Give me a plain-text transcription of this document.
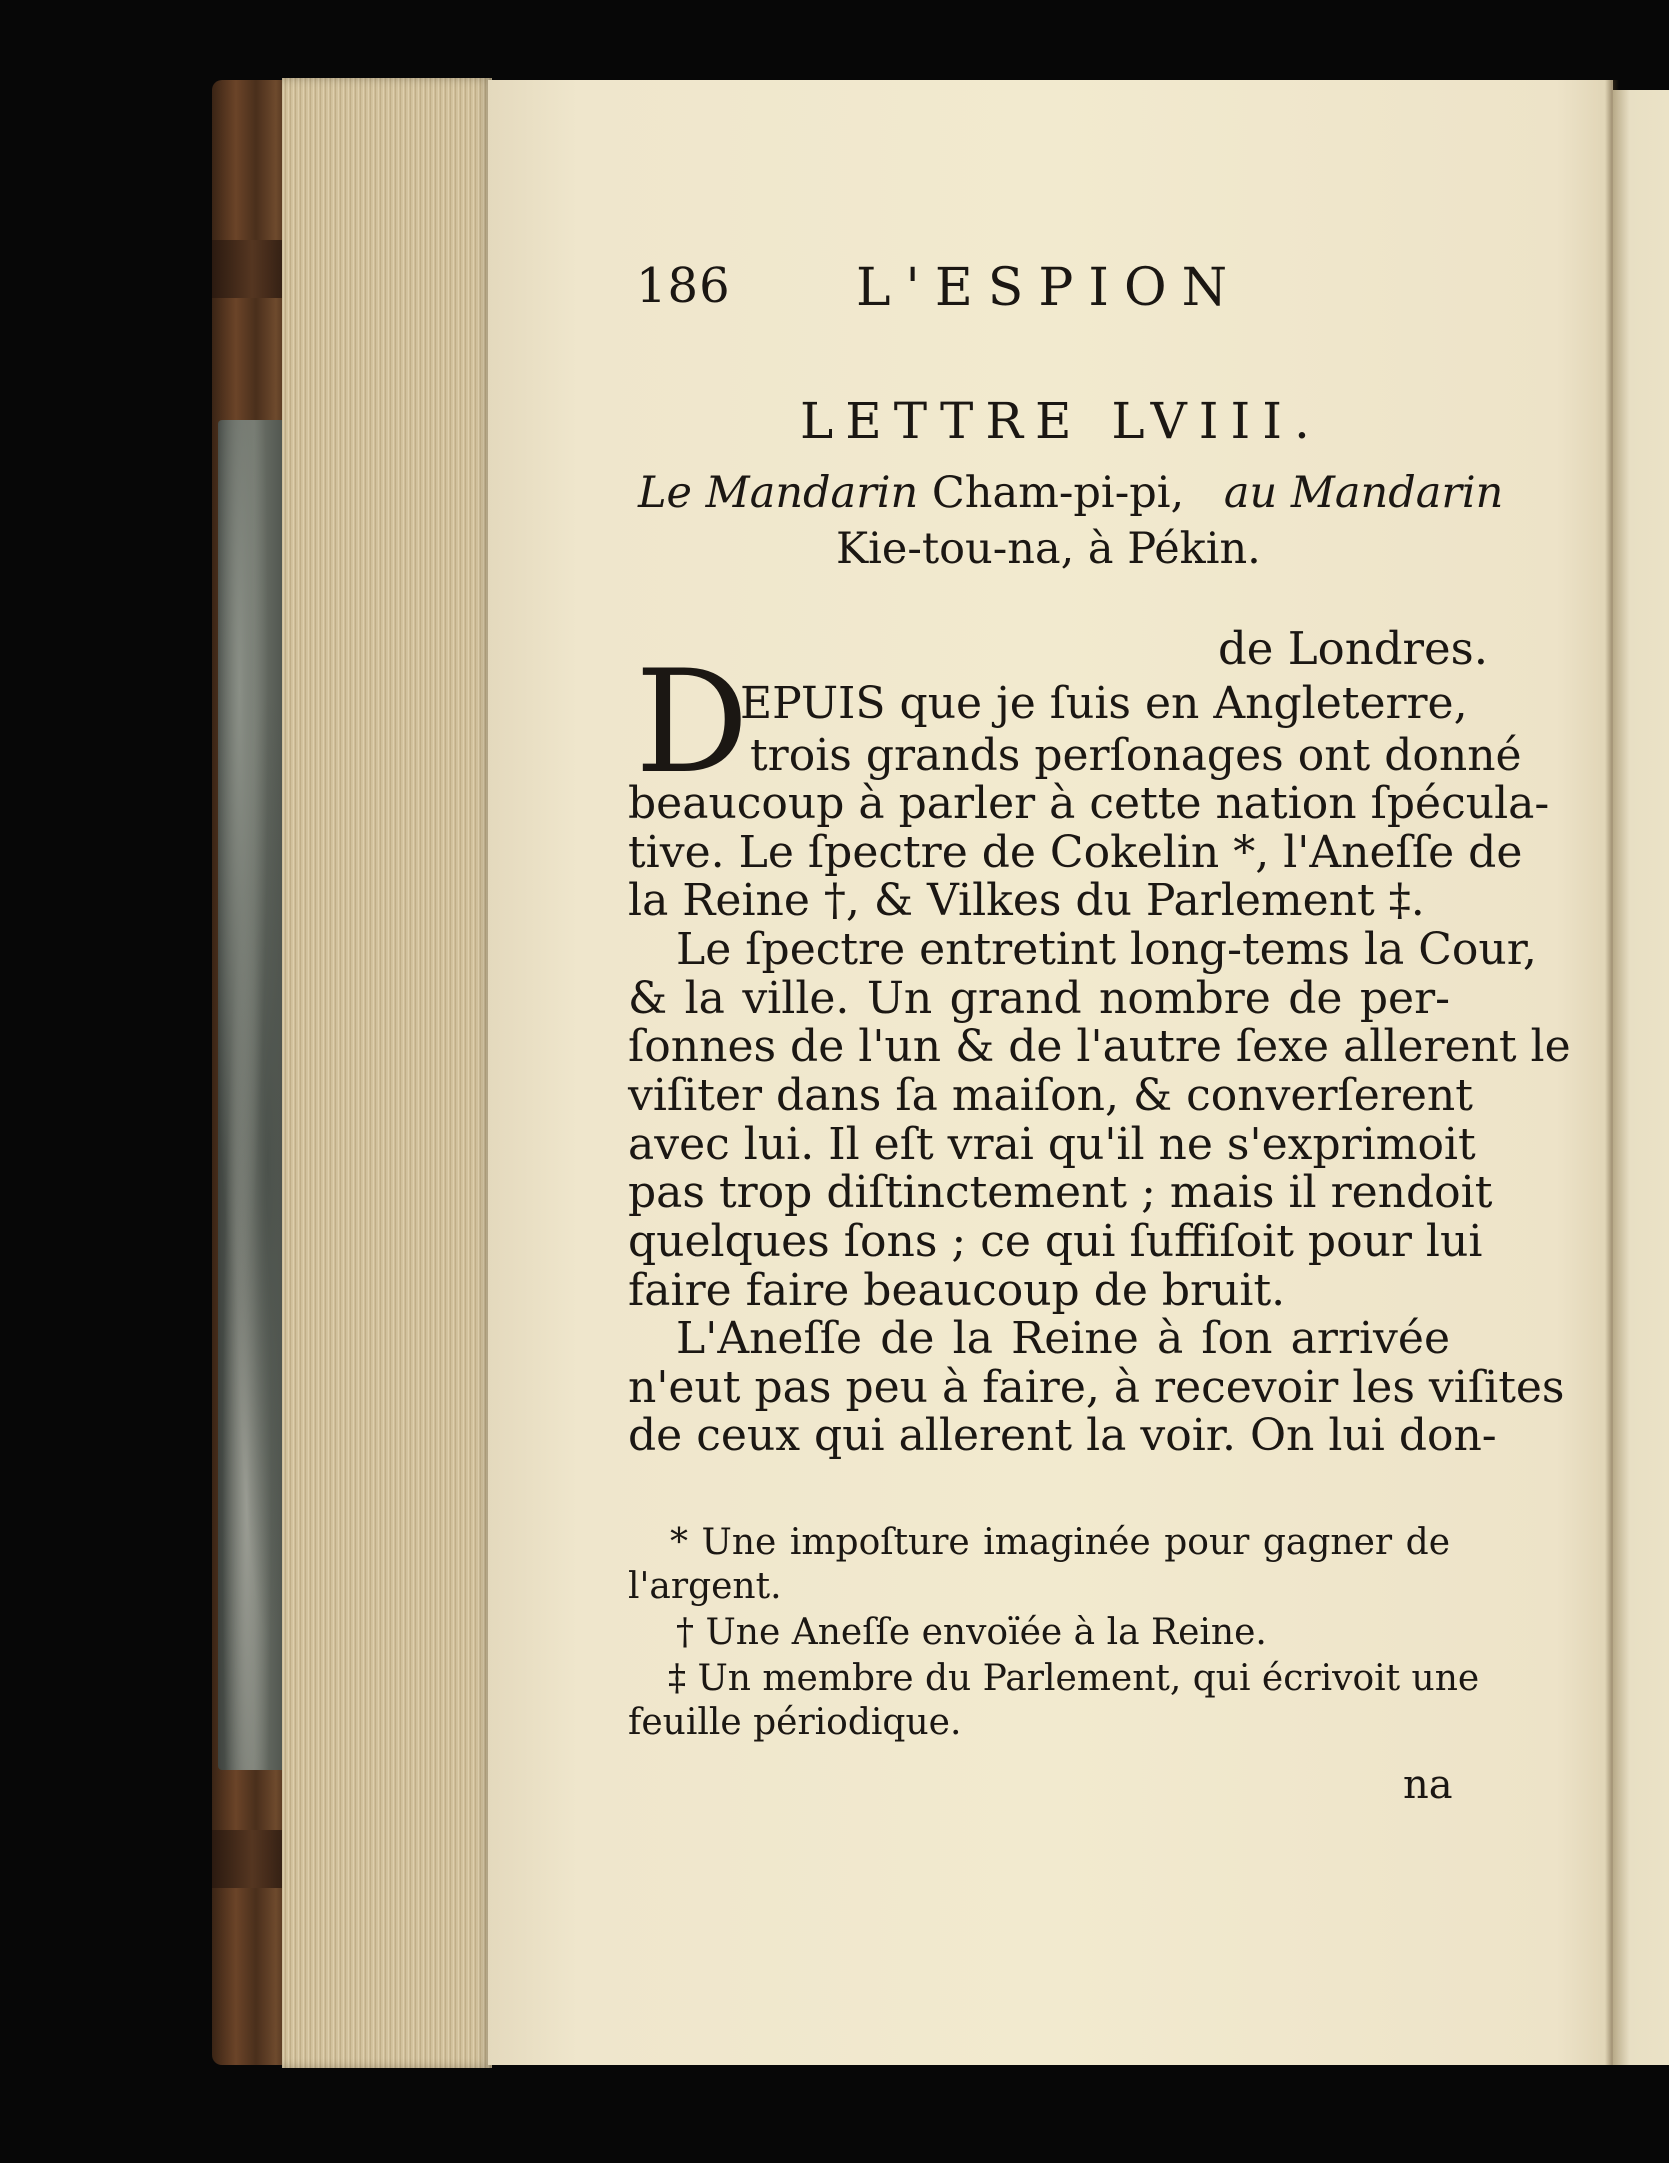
186 L'ESPION
LETTRE LVIII.
Le Mandarin Cham-pi-pi, au Mandarin
Kie-tou-na, à Pékin.
de Londres.
D
EPUIS que je ſuis en Angleterre,
trois grands perſonages ont donné
beaucoup à parler à cette nation ſpécula-
tive. Le ſpectre de Cokelin *, l'Aneſſe de
la Reine †, & Vilkes du Parlement ‡.
Le ſpectre entretint long-tems la Cour,
& la ville. Un grand nombre de per-
ſonnes de l'un & de l'autre ſexe allerent le
viſiter dans ſa maiſon, & converſerent
avec lui. Il eſt vrai qu'il ne s'exprimoit
pas trop diſtinctement ; mais il rendoit
quelques ſons ; ce qui ſuffiſoit pour lui
faire faire beaucoup de bruit.
L'Aneſſe de la Reine à ſon arrivée
n'eut pas peu à faire, à recevoir les viſites
de ceux qui allerent la voir. On lui don-
* Une impoſture imaginée pour gagner de
l'argent.
† Une Aneſſe envoïée à la Reine.
‡ Un membre du Parlement, qui écrivoit une
feuille périodique.
na
